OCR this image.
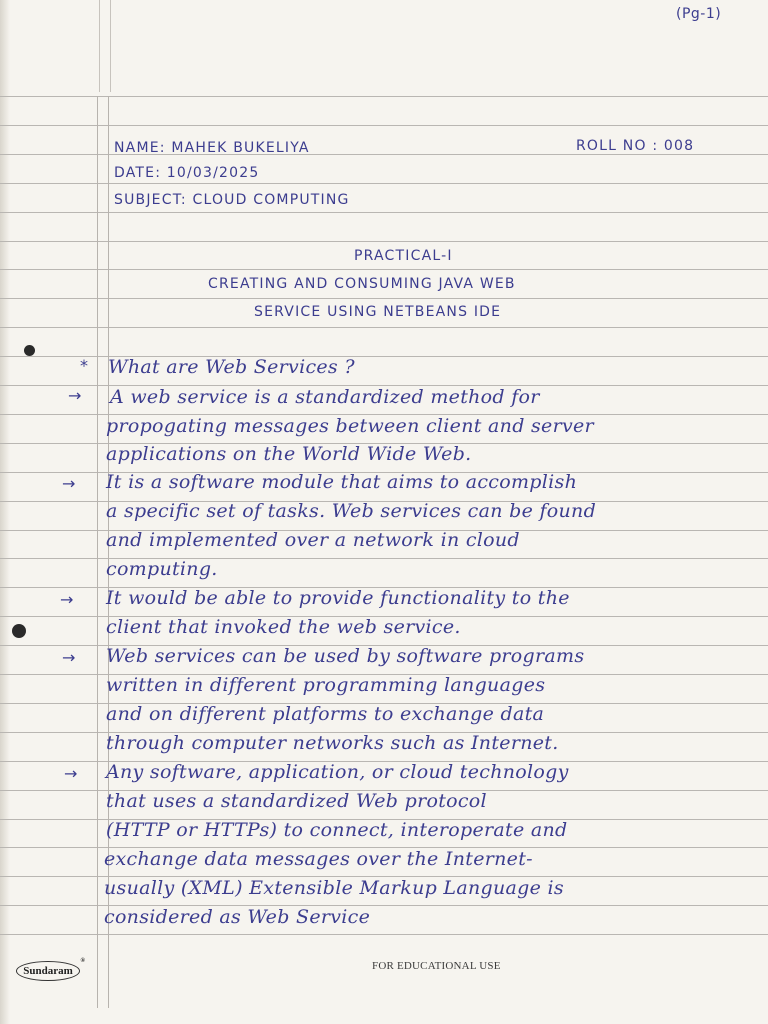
(Pg-1)
NAME: MAHEK BUKELIYA	ROLL NO : 008
DATE: 10/03/2025
SUBJECT: CLOUD COMPUTING
PRACTICAL-I
CREATING AND CONSUMING JAVA WEB
SERVICE USING NETBEANS IDE
*
→
→
→
→
→
What are Web Services ?
A web service is a standardized method for
propogating messages between client and server
applications on the World Wide Web.
It is a software module that aims to accomplish
a specific set of tasks. Web services can be found
and implemented over a network in cloud
computing.
It would be able to provide functionality to the
client that invoked the web service.
Web services can be used by software programs
written in different programming languages
and on different platforms to exchange data
through computer networks such as Internet.
Any software, application, or cloud technology
that uses a standardized Web protocol
(HTTP or HTTPs) to connect, interoperate and
exchange data messages over the Internet-
usually (XML) Extensible Markup Language is
considered as Web Service
Sundaram
®	FOR EDUCATIONAL USE
